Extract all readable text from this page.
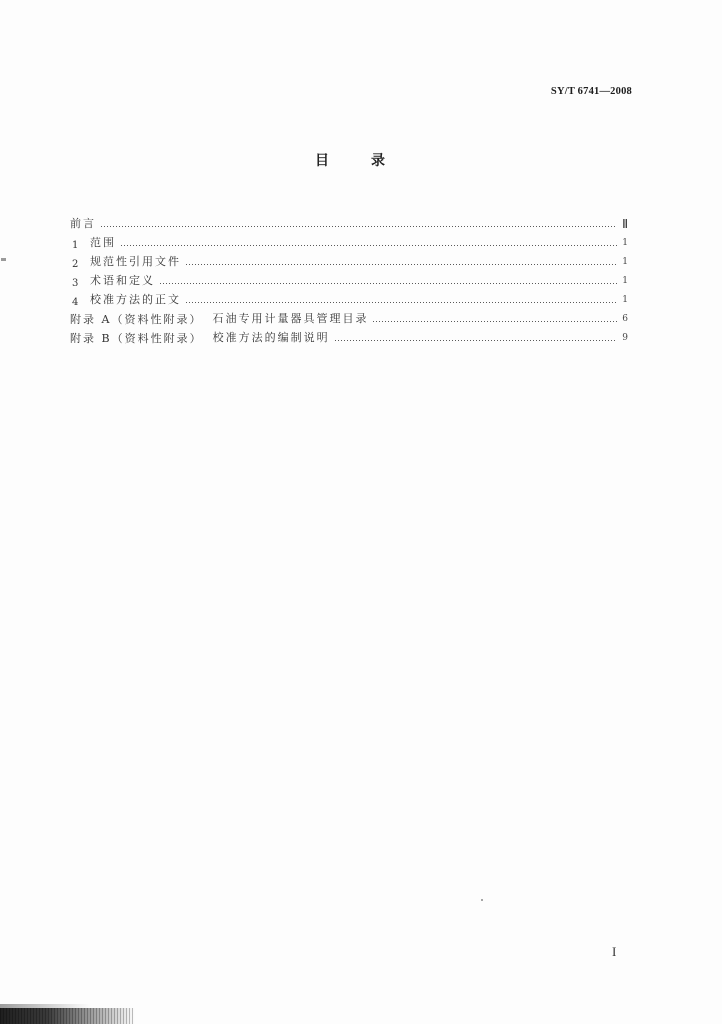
SY/T 6741—2008
目录
前言	Ⅱ
1	范围	1
2	规范性引用文件	1
3	术语和定义	1
4	校准方法的正文	1
附录 A（资料性附录） 石油专用计量器具管理目录	6
附录 B（资料性附录） 校准方法的编制说明	9
I
